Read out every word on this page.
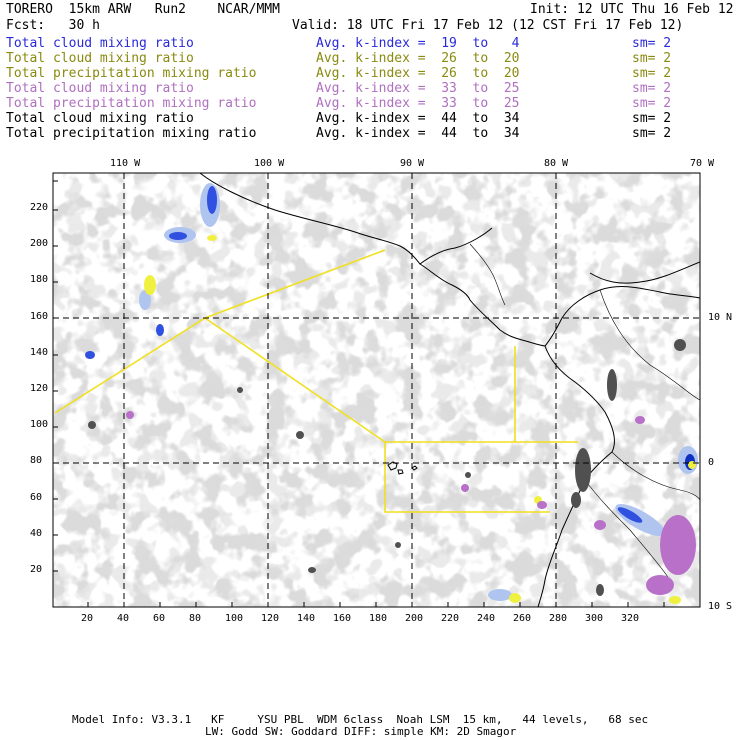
TORERO  15km ARW   Run2    NCAR/MMM	Init: 12 UTC Thu 16 Feb 12
Fcst:   30 h	Valid: 18 UTC Fri 17 Feb 12 (12 CST Fri 17 Feb 12)
Total cloud mixing ratio	Avg. k-index =  19  to   4	sm= 2
Total cloud mixing ratio	Avg. k-index =  26  to  20	sm= 2
Total precipitation mixing ratio	Avg. k-index =  26  to  20	sm= 2
Total cloud mixing ratio	Avg. k-index =  33  to  25	sm= 2
Total precipitation mixing ratio	Avg. k-index =  33  to  25	sm= 2
Total cloud mixing ratio	Avg. k-index =  44  to  34	sm= 2
Total precipitation mixing ratio	Avg. k-index =  44  to  34	sm= 2
110 W	100 W	90 W	80 W	70 W
10 N
0
10 S
20 40 60 80 100 120 140 160 180 200 220 240 260 280 300 320
20
40
60
80
100
120
140
160
180
200
220
Model Info: V3.3.1   KF     YSU PBL  WDM 6class  Noah LSM  15 km,   44 levels,   68 sec
LW: Godd SW: Goddard DIFF: simple KM: 2D Smagor
